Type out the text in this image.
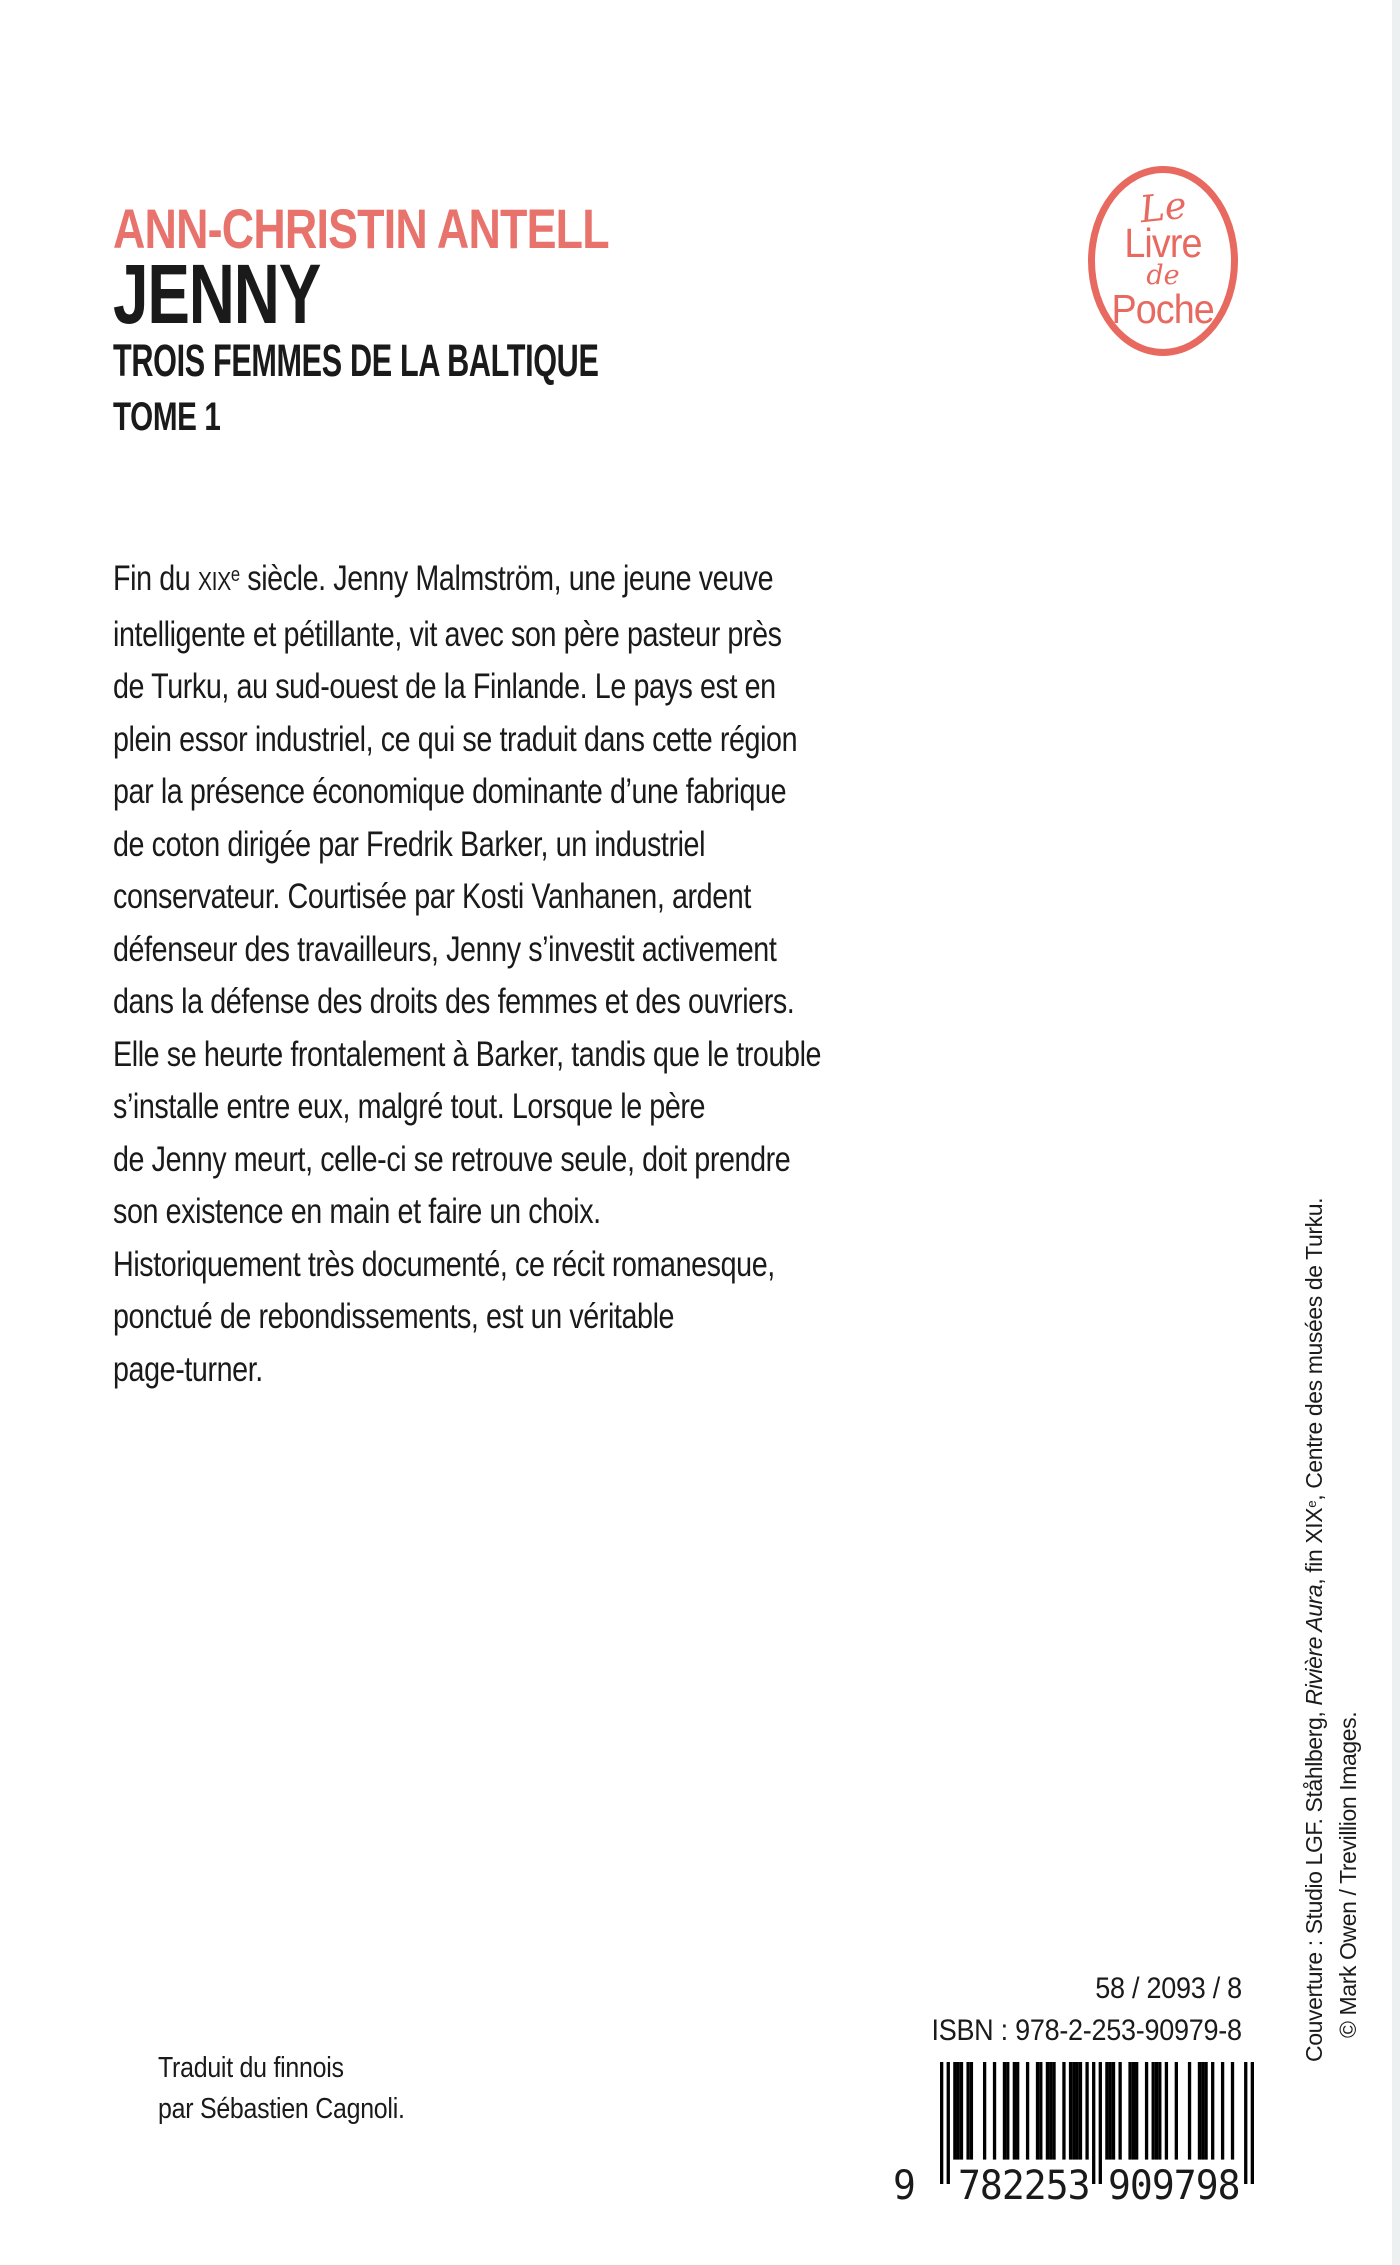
ANN-CHRISTIN ANTELL
JENNY
TROIS FEMMES DE LA BALTIQUE
TOME 1
Le
Livre
de
Poche
Fin du XIXe siècle. Jenny Malmström, une jeune veuve
intelligente et pétillante, vit avec son père pasteur près
de Turku, au sud-ouest de la Finlande. Le pays est en
plein essor industriel, ce qui se traduit dans cette région
par la présence économique dominante d’une fabrique
de coton dirigée par Fredrik Barker, un industriel
conservateur. Courtisée par Kosti Vanhanen, ardent
défenseur des travailleurs, Jenny s’investit activement
dans la défense des droits des femmes et des ouvriers.
Elle se heurte frontalement à Barker, tandis que le trouble
s’installe entre eux, malgré tout. Lorsque le père
de Jenny meurt, celle-ci se retrouve seule, doit prendre
son existence en main et faire un choix.
Historiquement très documenté, ce récit romanesque,
ponctué de rebondissements, est un véritable
page-turner.
Couverture : Studio LGF. Ståhlberg, Rivière Aura, fin XIXe, Centre des musées de Turku.
© Mark Owen / Trevillion Images.
58 / 2093 / 8
ISBN : 978-2-253-90979-8
9 782253 909798
Traduit du finnois
par Sébastien Cagnoli.
